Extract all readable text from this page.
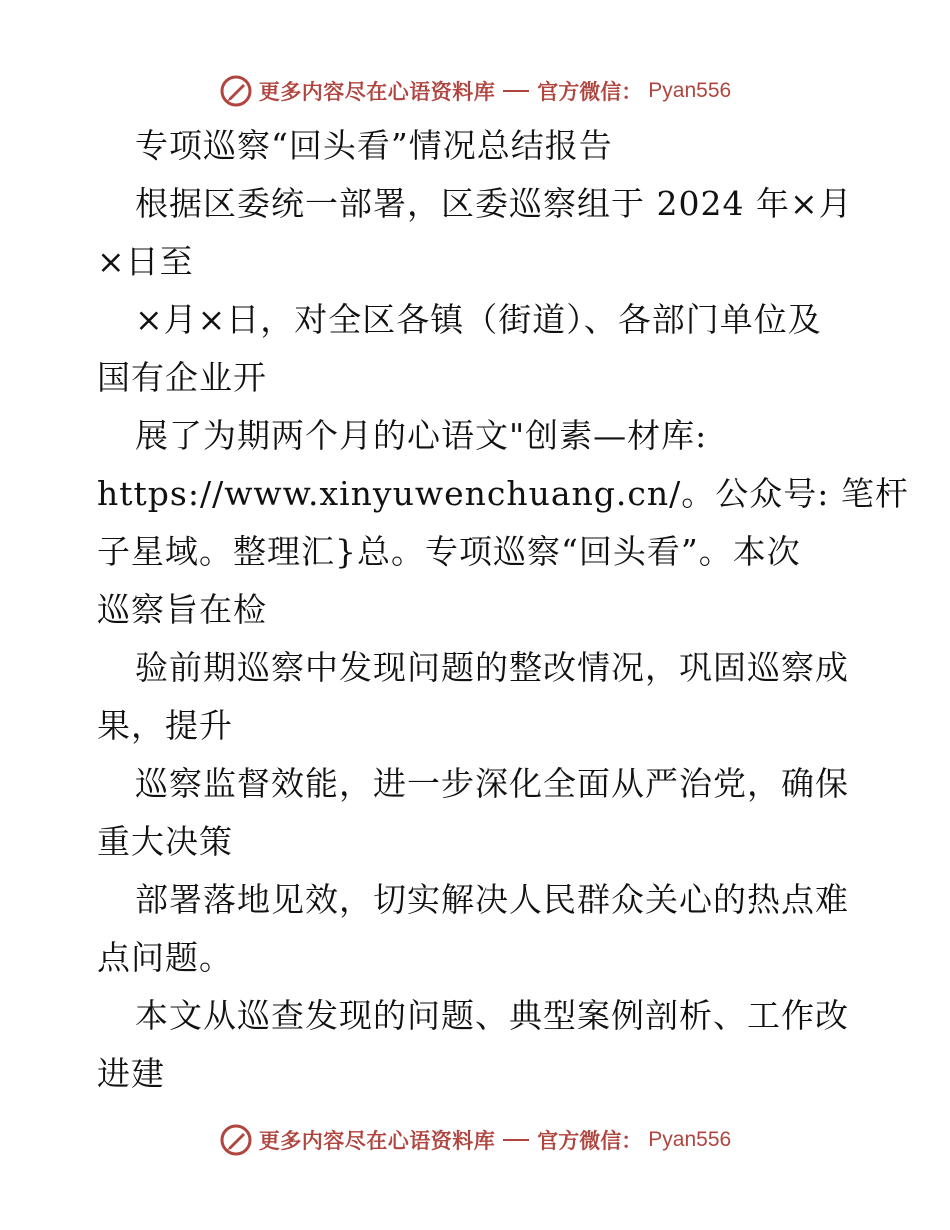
更多内容尽在心语资料库 官方微信： Pyan556
专项巡察“回头看”情况总结报告
根据区委统一部署，区委巡察组于 2024 年×月
×日至
×月×日，对全区各镇（街道）、各部门单位及
国有企业开
展了为期两个月的心语文"创素—材库:
https://www.xinyuwenchuang.cn/。公众号: 笔杆
子星域。整理汇}总。专项巡察“回头看”。本次
巡察旨在检
验前期巡察中发现问题的整改情况，巩固巡察成
果，提升
巡察监督效能，进一步深化全面从严治党，确保
重大决策
部署落地见效，切实解决人民群众关心的热点难
点问题。
本文从巡查发现的问题、典型案例剖析、工作改
进建
更多内容尽在心语资料库 官方微信： Pyan556
